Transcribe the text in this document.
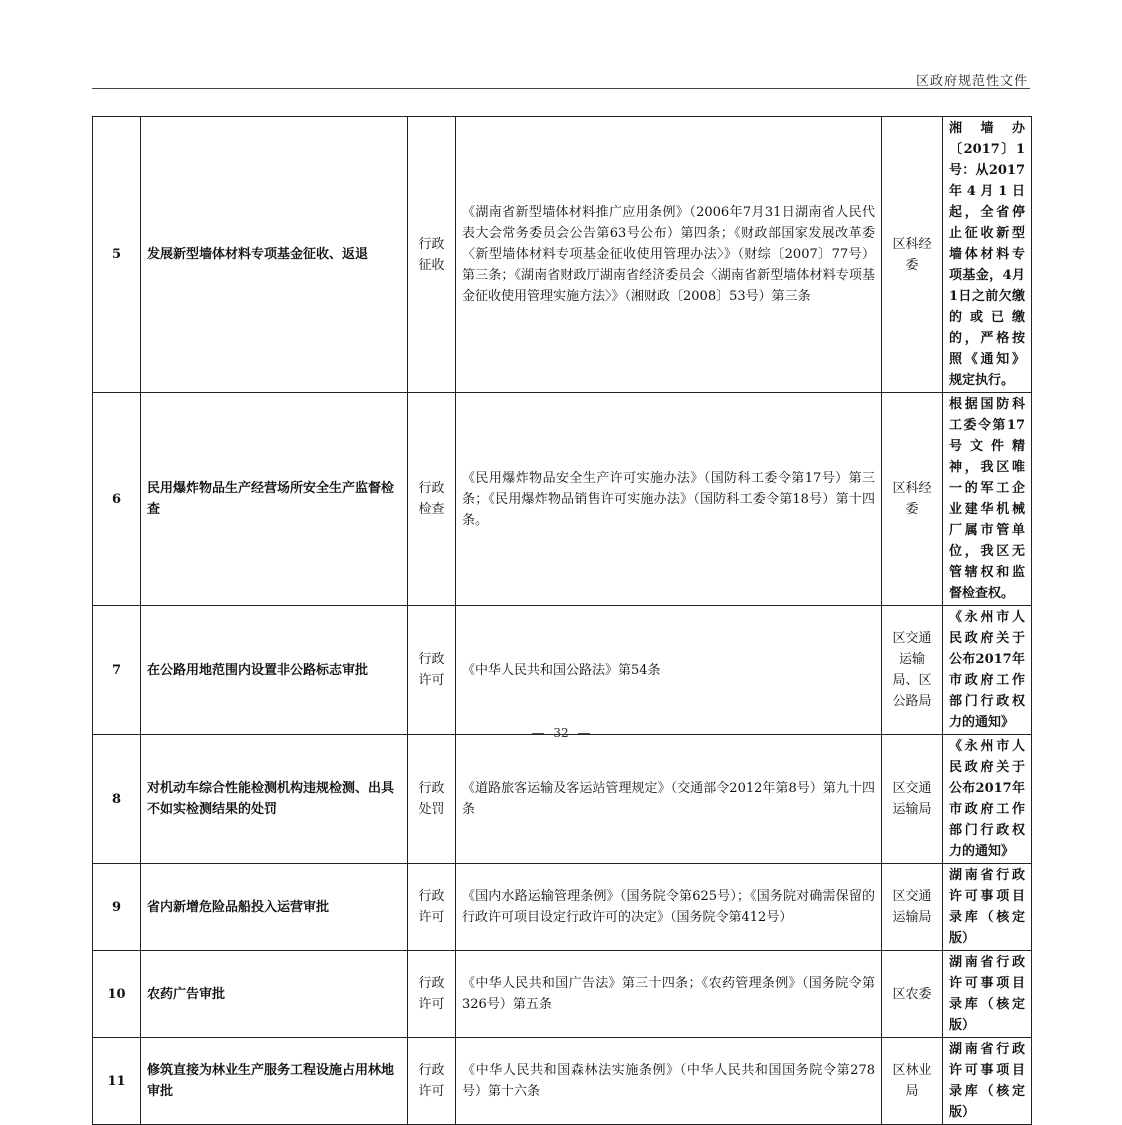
区政府规范性文件
5	发展新型墙体材料专项基金征收、返退	行政征收	《湖南省新型墙体材料推广应用条例》（2006年7月31日湖南省人民代表大会常务委员会公告第63号公布）第四条；《财政部国家发展改革委〈新型墙体材料专项基金征收使用管理办法〉》（财综〔2007〕77号）第三条；《湖南省财政厅湖南省经济委员会〈湖南省新型墙体材料专项基金征收使用管理实施方法〉》（湘财政〔2008〕53号）第三条	区科经委	湘墙办〔2017〕1号：从2017年4月1日起，全省停止征收新型墙体材料专项基金，4月1日之前欠缴的或已缴的，严格按照《通知》规定执行。
6	民用爆炸物品生产经营场所安全生产监督检查	行政检查	《民用爆炸物品安全生产许可实施办法》（国防科工委令第17号）第三条；《民用爆炸物品销售许可实施办法》（国防科工委令第18号）第十四条。	区科经委	根据国防科工委令第17号文件精神，我区唯一的军工企业建华机械厂属市管单位，我区无管辖权和监督检查权。
7	在公路用地范围内设置非公路标志审批	行政许可	《中华人民共和国公路法》第54条	区交通运输局、区公路局	《永州市人民政府关于公布2017年市政府工作部门行政权力的通知》
8	对机动车综合性能检测机构违规检测、出具不如实检测结果的处罚	行政处罚	《道路旅客运输及客运站管理规定》（交通部令2012年第8号）第九十四条	区交通运输局	《永州市人民政府关于公布2017年市政府工作部门行政权力的通知》
9	省内新增危险品船投入运营审批	行政许可	《国内水路运输管理条例》（国务院令第625号）；《国务院对确需保留的行政许可项目设定行政许可的决定》（国务院令第412号）	区交通运输局	湖南省行政许可事项目录库（核定版）
10	农药广告审批	行政许可	《中华人民共和国广告法》第三十四条；《农药管理条例》（国务院令第326号）第五条	区农委	湖南省行政许可事项目录库（核定版）
11	修筑直接为林业生产服务工程设施占用林地审批	行政许可	《中华人民共和国森林法实施条例》（中华人民共和国国务院令第278号）第十六条	区林业局	湖南省行政许可事项目录库（核定版）
32
